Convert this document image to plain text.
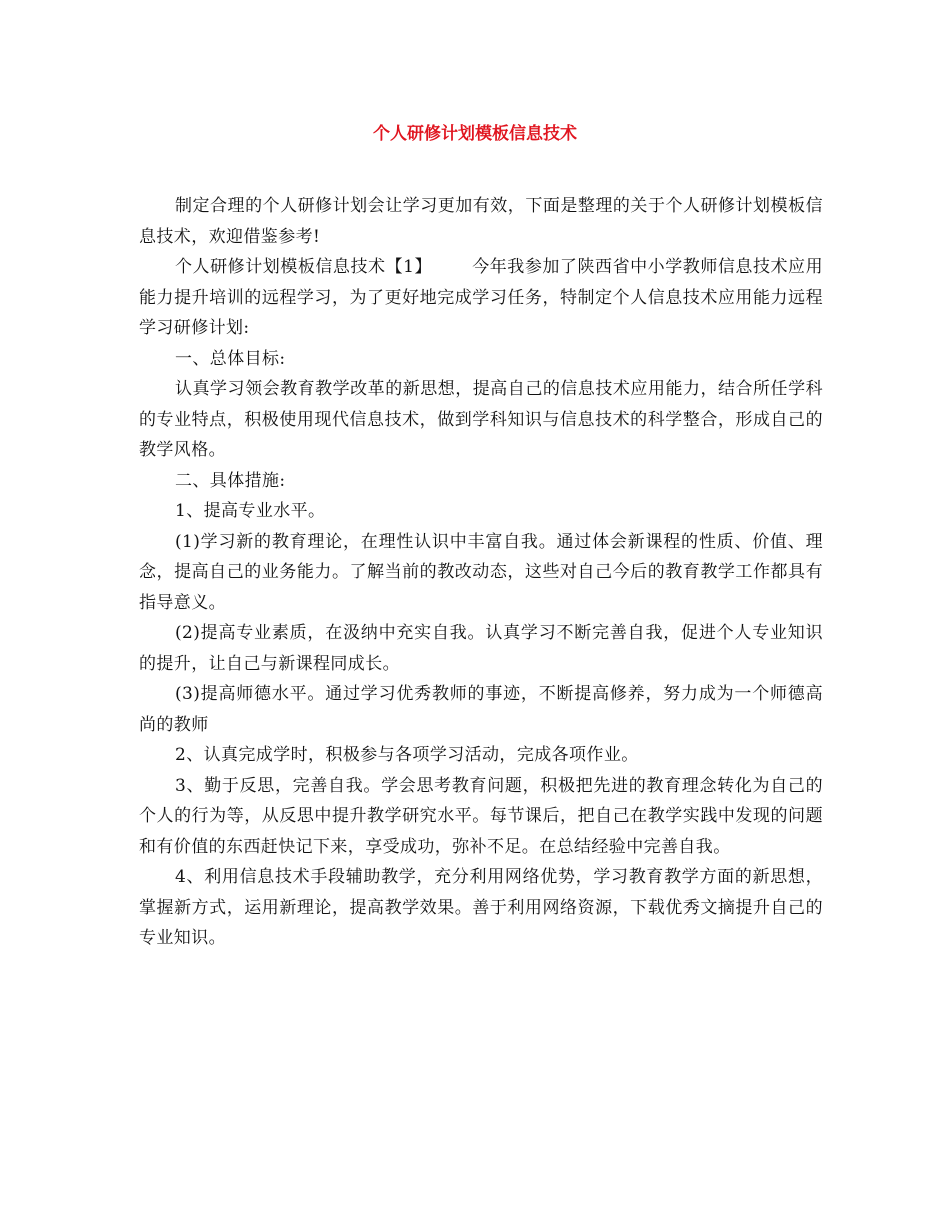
个人研修计划模板信息技术

制定合理的个人研修计划会让学习更加有效，下面是整理的关于个人研修计划模板信息技术，欢迎借鉴参考!

个人研修计划模板信息技术【1】 今年我参加了陕西省中小学教师信息技术应用能力提升培训的远程学习，为了更好地完成学习任务，特制定个人信息技术应用能力远程学习研修计划:

一、总体目标:

认真学习领会教育教学改革的新思想，提高自己的信息技术应用能力，结合所任学科的专业特点，积极使用现代信息技术，做到学科知识与信息技术的科学整合，形成自己的教学风格。

二、具体措施:

1、提高专业水平。

(1)学习新的教育理论，在理性认识中丰富自我。通过体会新课程的性质、价值、理念，提高自己的业务能力。了解当前的教改动态，这些对自己今后的教育教学工作都具有指导意义。

(2)提高专业素质，在汲纳中充实自我。认真学习不断完善自我，促进个人专业知识的提升，让自己与新课程同成长。

(3)提高师德水平。通过学习优秀教师的事迹，不断提高修养，努力成为一个师德高尚的教师

2、认真完成学时，积极参与各项学习活动，完成各项作业。

3、勤于反思，完善自我。学会思考教育问题，积极把先进的教育理念转化为自己的个人的行为等，从反思中提升教学研究水平。每节课后，把自己在教学实践中发现的问题和有价值的东西赶快记下来，享受成功，弥补不足。在总结经验中完善自我。

4、利用信息技术手段辅助教学，充分利用网络优势，学习教育教学方面的新思想，掌握新方式，运用新理论，提高教学效果。善于利用网络资源，下载优秀文摘提升自己的专业知识。
